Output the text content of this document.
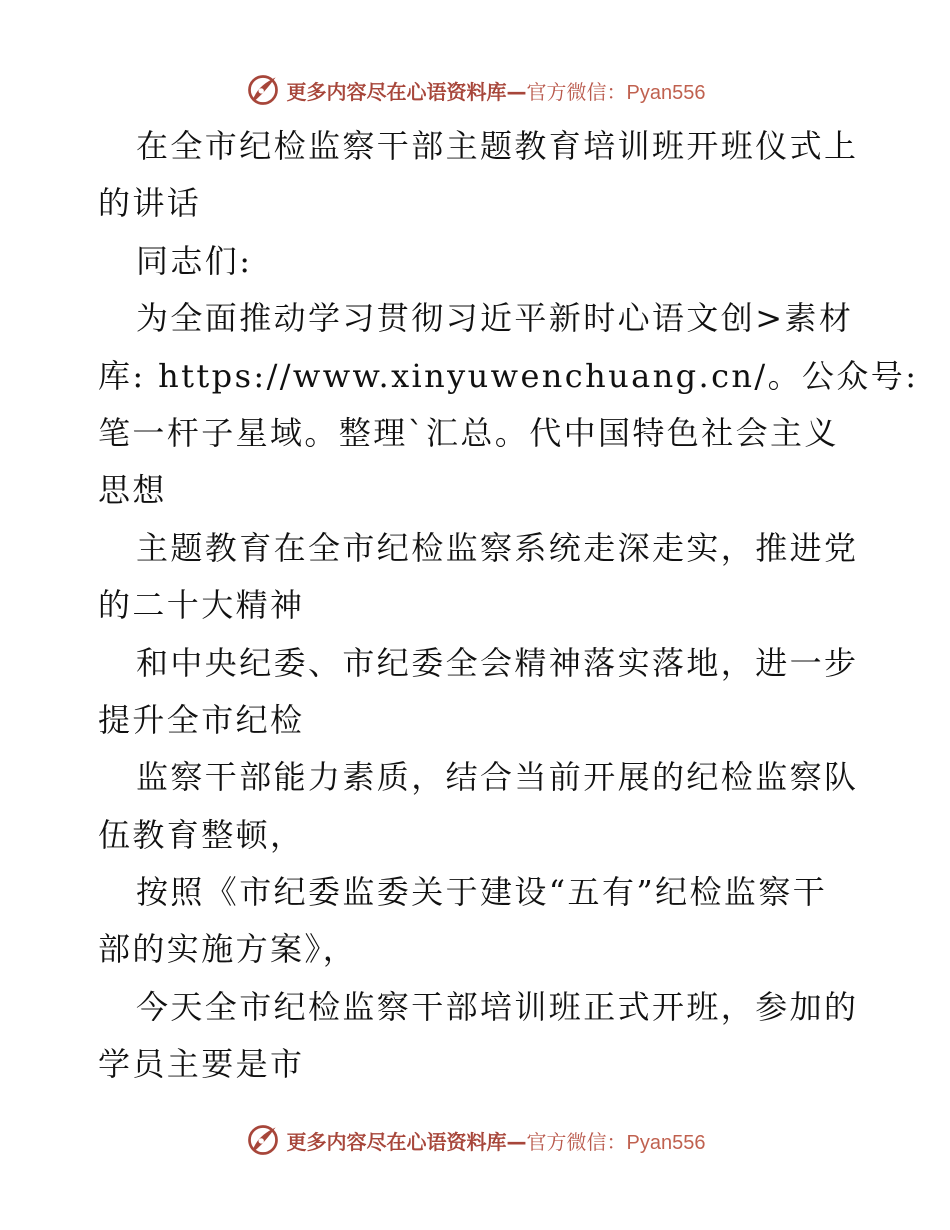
更多内容尽在心语资料库—官方微信：Pyan556
在全市纪检监察干部主题教育培训班开班仪式上
的讲话
同志们:
为全面推动学习贯彻习近平新时心语文创>素材
库: https://www.xinyuwenchuang.cn/。公众号:
笔一杆子星域。整理`汇总。代中国特色社会主义
思想
主题教育在全市纪检监察系统走深走实，推进党
的二十大精神
和中央纪委、市纪委全会精神落实落地，进一步
提升全市纪检
监察干部能力素质，结合当前开展的纪检监察队
伍教育整顿，
按照《市纪委监委关于建设“五有”纪检监察干
部的实施方案》，
今天全市纪检监察干部培训班正式开班，参加的
学员主要是市
更多内容尽在心语资料库—官方微信：Pyan556
